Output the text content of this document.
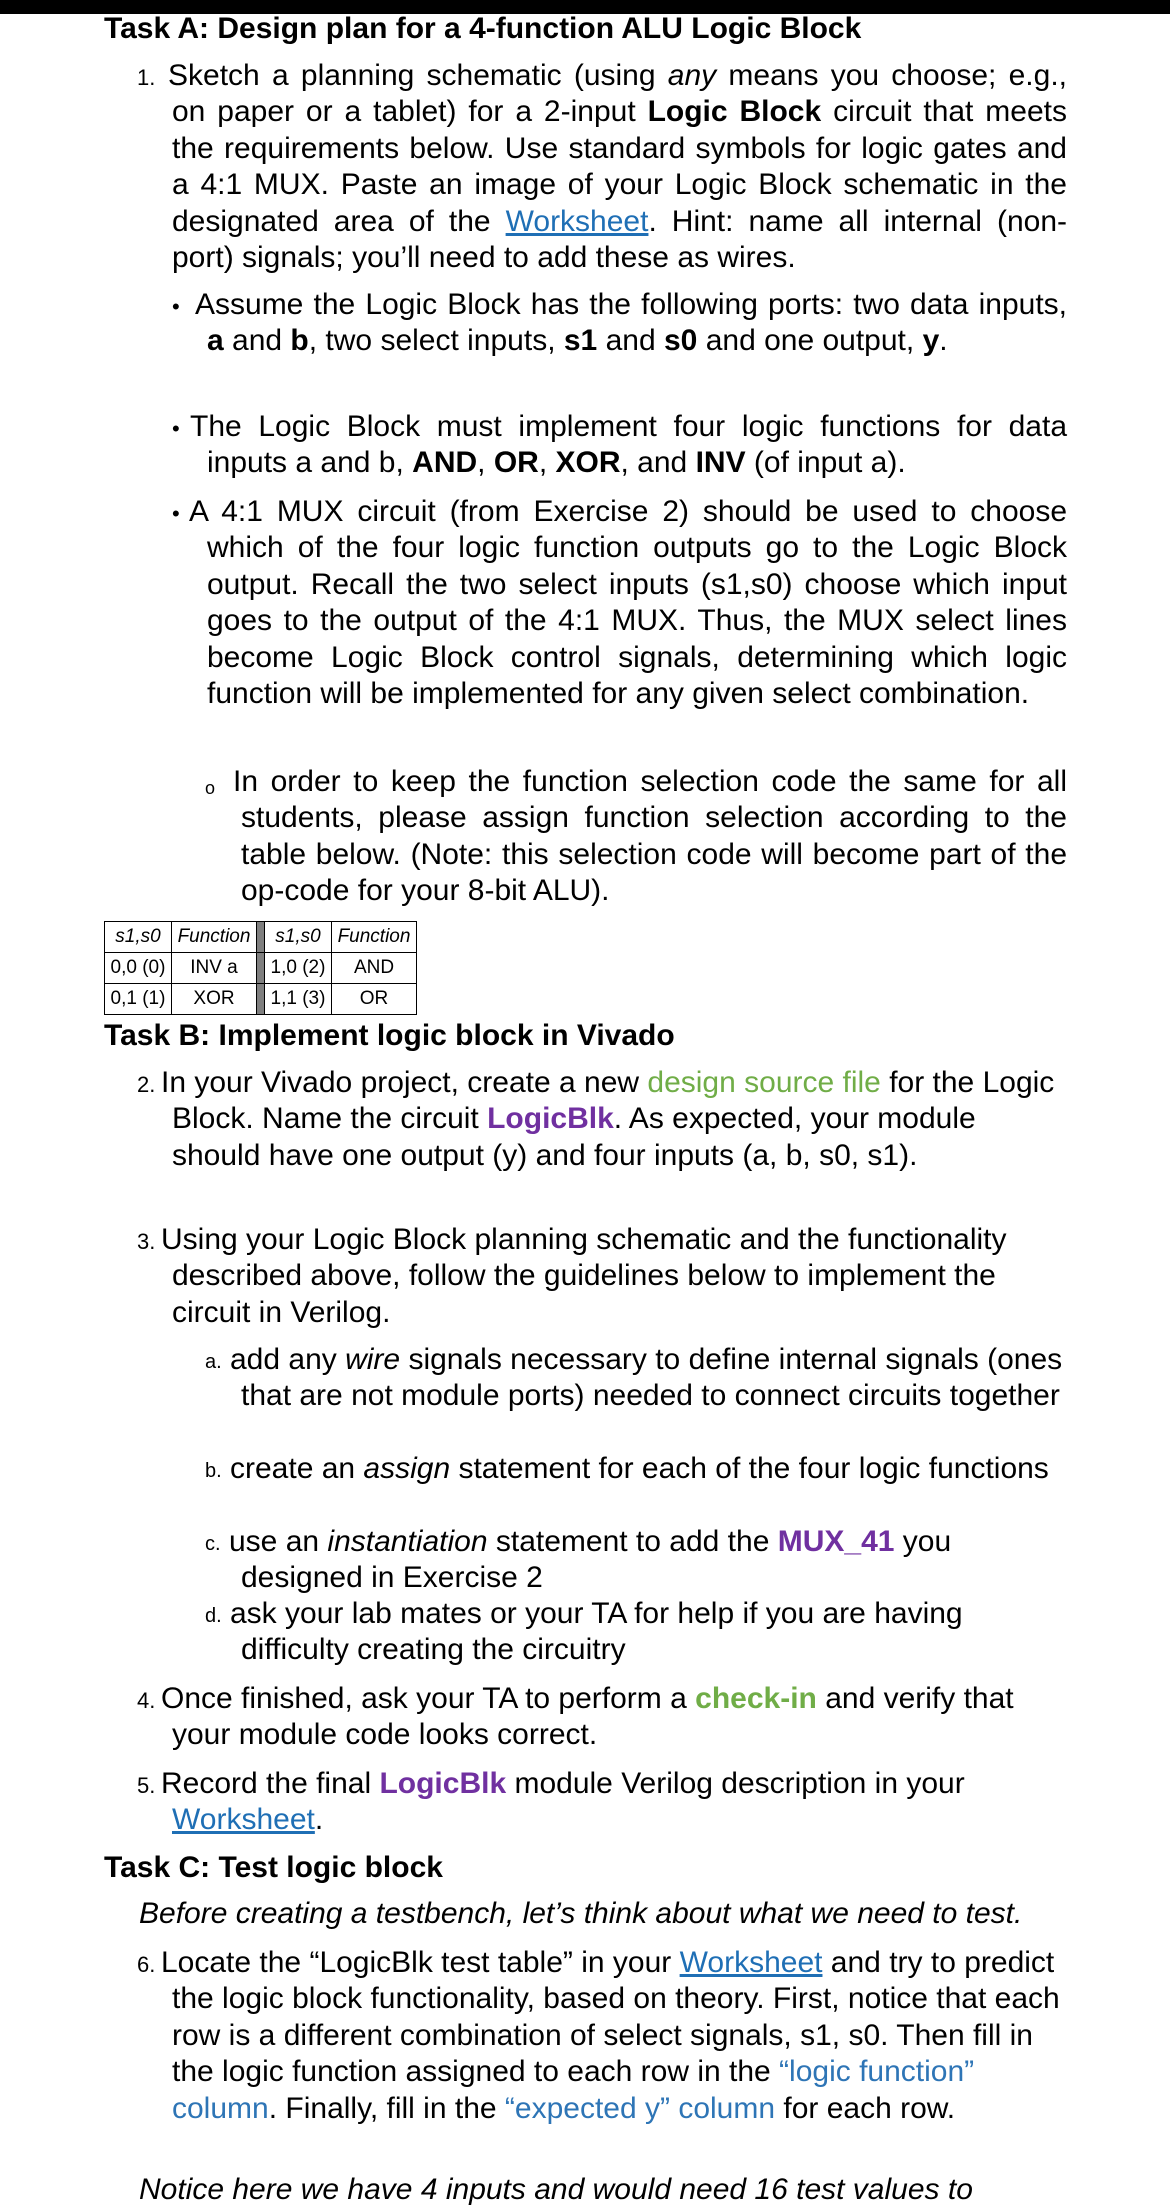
Task A: Design plan for a 4-function ALU Logic Block
1. Sketch a planning schematic (using any means you choose; e.g., on paper or a tablet) for a 2-input Logic Block circuit that meets the requirements below. Use standard symbols for logic gates and a 4:1 MUX. Paste an image of your Logic Block schematic in the designated area of the Worksheet. Hint: name all internal (non-port) signals; you’ll need to add these as wires.
• Assume the Logic Block has the following ports: two data inputs, a and b, two select inputs, s1 and s0 and one output, y.
• The Logic Block must implement four logic functions for data inputs a and b, AND, OR, XOR, and INV (of input a).
• A 4:1 MUX circuit (from Exercise 2) should be used to choose which of the four logic function outputs go to the Logic Block output. Recall the two select inputs (s1,s0) choose which input goes to the output of the 4:1 MUX. Thus, the MUX select lines become Logic Block control signals, determining which logic function will be implemented for any given select combination.
o In order to keep the function selection code the same for all students, please assign function selection according to the table below. (Note: this selection code will become part of the op-code for your 8-bit ALU).
s1,s0	Function		s1,s0	Function
0,0 (0)	INV a		1,0 (2)	AND
0,1 (1)	XOR		1,1 (3)	OR
Task B: Implement logic block in Vivado
2. In your Vivado project, create a new design source file for the Logic Block. Name the circuit LogicBlk. As expected, your module should have one output (y) and four inputs (a, b, s0, s1).
3. Using your Logic Block planning schematic and the functionality described above, follow the guidelines below to implement the circuit in Verilog.
a. add any wire signals necessary to define internal signals (ones that are not module ports) needed to connect circuits together
b. create an assign statement for each of the four logic functions
c. use an instantiation statement to add the MUX_41 you designed in Exercise 2
d. ask your lab mates or your TA for help if you are having difficulty creating the circuitry
4. Once finished, ask your TA to perform a check-in and verify that your module code looks correct.
5. Record the final LogicBlk module Verilog description in your Worksheet.
Task C: Test logic block
Before creating a testbench, let’s think about what we need to test.
6. Locate the “LogicBlk test table” in your Worksheet and try to predict the logic block functionality, based on theory. First, notice that each row is a different combination of select signals, s1, s0. Then fill in the logic function assigned to each row in the “logic function” column. Finally, fill in the “expected y” column for each row.
Notice here we have 4 inputs and would need 16 test values to
